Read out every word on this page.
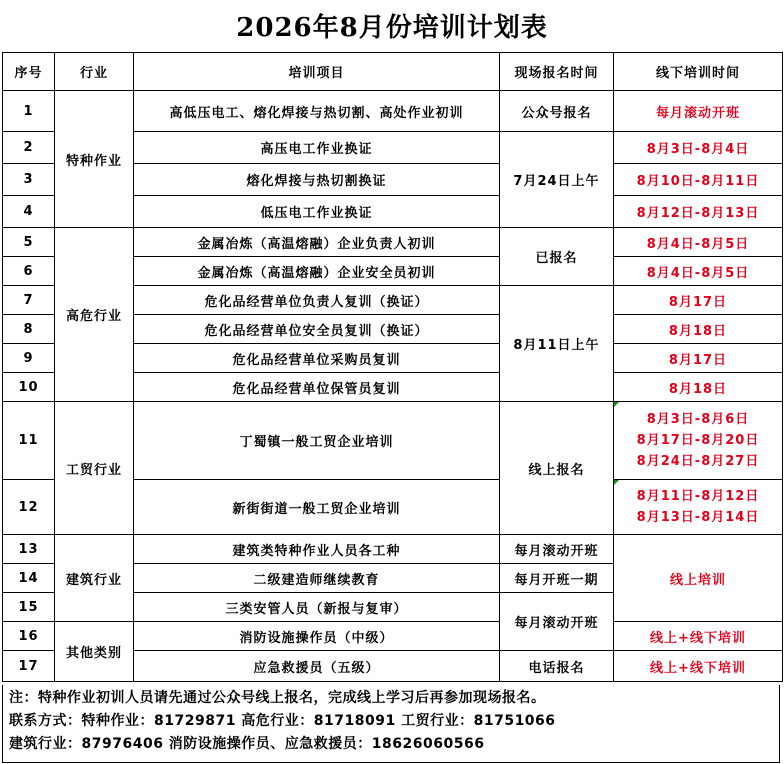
2026年8月份培训计划表
序号	行业	培训项目	现场报名时间	线下培训时间
1	特种作业	高低压电工、熔化焊接与热切割、高处作业初训	公众号报名	每月滚动开班
2		高压电工作业换证	7月24日上午	8月3日-8月4日
3		熔化焊接与热切割换证		8月10日-8月11日
4		低压电工作业换证		8月12日-8月13日
5	高危行业	金属冶炼（高温熔融）企业负责人初训	已报名	8月4日-8月5日
6		金属冶炼（高温熔融）企业安全员初训		8月4日-8月5日
7		危化品经营单位负责人复训（换证）	8月11日上午	8月17日
8		危化品经营单位安全员复训（换证）		8月18日
9		危化品经营单位采购员复训		8月17日
10		危化品经营单位保管员复训		8月18日
11	工贸行业	丁蜀镇一般工贸企业培训	线上报名	8月3日-8月6日
8月17日-8月20日
8月24日-8月27日

12		新街街道一般工贸企业培训		8月11日-8月12日
8月13日-8月14日

13	建筑行业	建筑类特种作业人员各工种	每月滚动开班	线上培训
14		二级建造师继续教育	每月开班一期	
15		三类安管人员（新报与复审）	每月滚动开班	
16	其他类别	消防设施操作员（中级）		线上+线下培训
17		应急救援员（五级）	电话报名	线上+线下培训
注：特种作业初训人员请先通过公众号线上报名，完成线上学习后再参加现场报名。
联系方式：特种作业：81729871 高危行业：81718091 工贸行业：81751066
建筑行业：87976406 消防设施操作员、应急救援员：18626060566
